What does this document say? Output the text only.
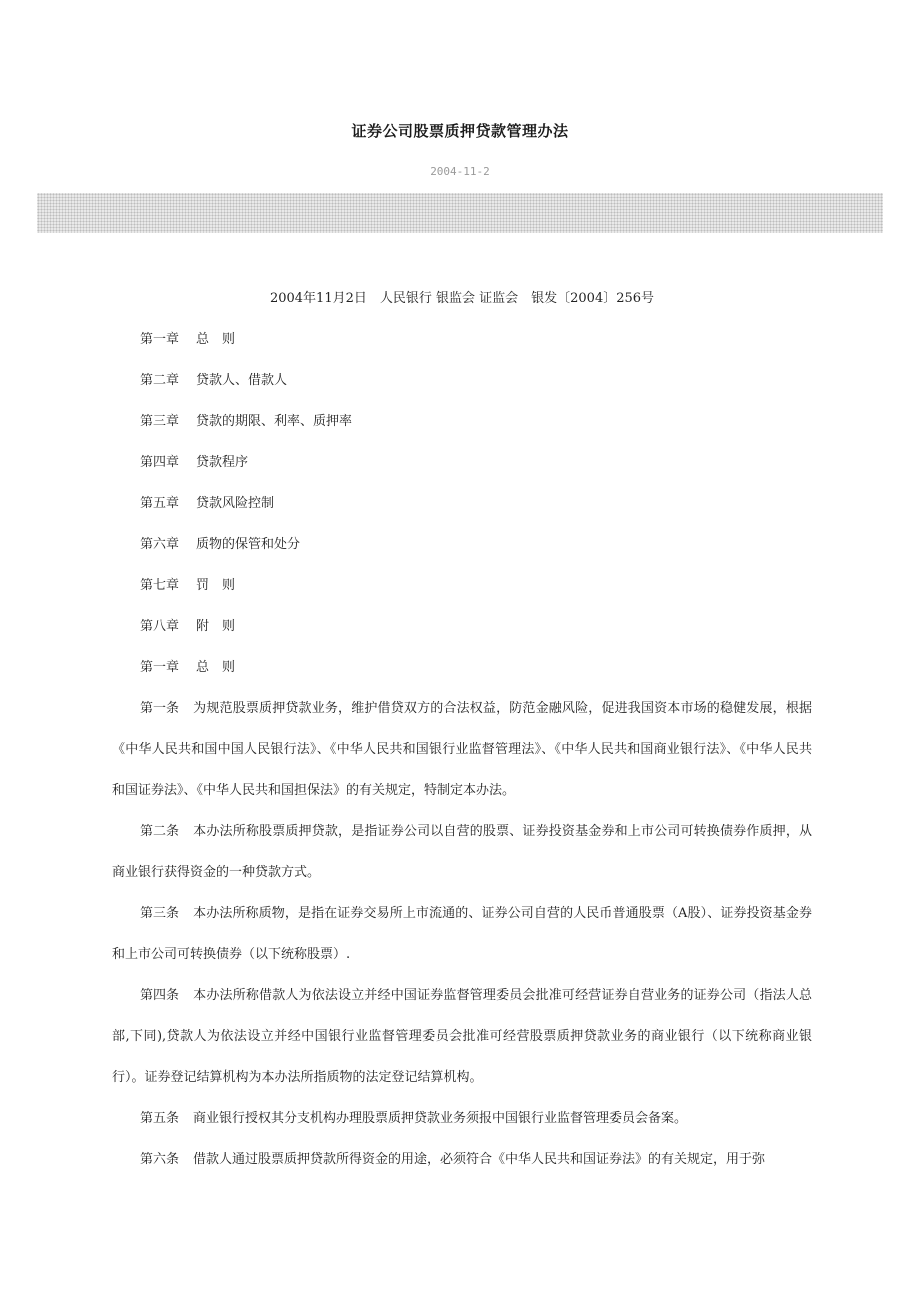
证券公司股票质押贷款管理办法
2004-11-2
2004年11月2日　人民银行 银监会 证监会　银发〔2004〕256号
第一章 总　则
第二章 贷款人、借款人
第三章 贷款的期限、利率、质押率
第四章 贷款程序
第五章 贷款风险控制
第六章 质物的保管和处分
第七章 罚　则
第八章 附　则
第一章 总　则
第一条 为规范股票质押贷款业务，维护借贷双方的合法权益，防范金融风险，促进我国资本市场的稳健发展，根据《中华人民共和国中国人民银行法》、《中华人民共和国银行业监督管理法》、《中华人民共和国商业银行法》、《中华人民共和国证券法》、《中华人民共和国担保法》的有关规定，特制定本办法。
第二条 本办法所称股票质押贷款，是指证券公司以自营的股票、证券投资基金券和上市公司可转换债券作质押，从商业银行获得资金的一种贷款方式。
第三条 本办法所称质物，是指在证券交易所上市流通的、证券公司自营的人民币普通股票（A股）、证券投资基金券和上市公司可转换债券（以下统称股票）.
第四条 本办法所称借款人为依法设立并经中国证券监督管理委员会批准可经营证券自营业务的证券公司（指法人总部,下同),贷款人为依法设立并经中国银行业监督管理委员会批准可经营股票质押贷款业务的商业银行（以下统称商业银行）。证券登记结算机构为本办法所指质物的法定登记结算机构。
第五条 商业银行授权其分支机构办理股票质押贷款业务须报中国银行业监督管理委员会备案。
第六条 借款人通过股票质押贷款所得资金的用途，必须符合《中华人民共和国证券法》的有关规定，用于弥
